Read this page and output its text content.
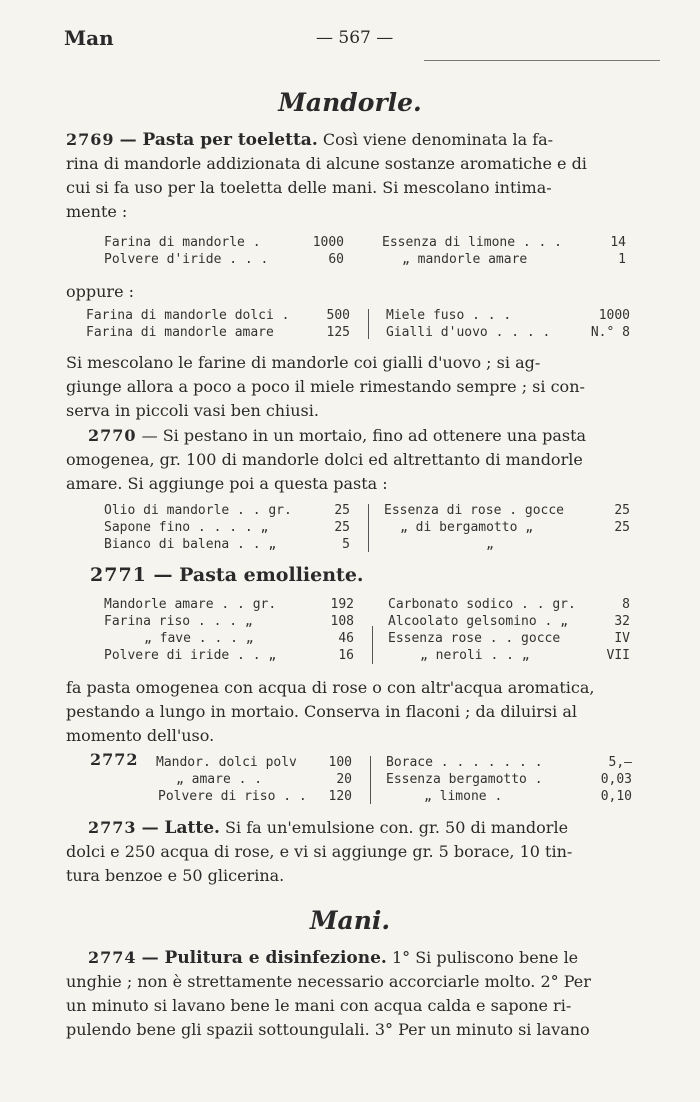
Man	— 567 —
Mandorle.
2769 — Pasta per toeletta. Così viene denominata la fa-
rina di mandorle addizionata di alcune sostanze aromatiche e di
cui si fa uso per la toeletta delle mani. Si mescolano intima-
mente :
Farina di mandorle .	1000	Essenza di limone . . .	14
Polvere d'iride . . .	60	„ mandorle amare	1
oppure :
Farina di mandorle dolci .	500	Miele fuso . . .	1000
Farina di mandorle amare	125	Gialli d'uovo . . . .	N.° 8
Si mescolano le farine di mandorle coi gialli d'uovo ; si ag-
giunge allora a poco a poco il miele rimestando sempre ; si con-
serva in piccoli vasi ben chiusi.
2770 — Si pestano in un mortaio, fino ad ottenere una pasta
omogenea, gr. 100 di mandorle dolci ed altrettanto di mandorle
amare. Si aggiunge poi a questa pasta :
Olio di mandorle . . gr.	25	Essenza di rose . gocce	25
Sapone fino . . . . „	25	„ di bergamotto „	25
Bianco di balena . . „	5	„
2771 — Pasta emolliente.
Mandorle amare . . gr.	192	Carbonato sodico . . gr.	8
Farina riso . . . „	108	Alcoolato gelsomino . „	32
„ fave . . . „	46	Essenza rose . . gocce	IV
Polvere di iride . . „	16	„ neroli . . „	VII
fa pasta omogenea con acqua di rose o con altr'acqua aromatica,
pestando a lungo in mortaio. Conserva in flaconi ; da diluirsi al
momento dell'uso.
2772 Mandor. dolci polv	100	Borace . . . . . . .	5,—
„ amare . .	20	Essenza bergamotto .	0,03
Polvere di riso . .	120	„ limone .	0,10
2773 — Latte. Si fa un'emulsione con. gr. 50 di mandorle
dolci e 250 acqua di rose, e vi si aggiunge gr. 5 borace, 10 tin-
tura benzoe e 50 glicerina.
Mani.
2774 — Pulitura e disinfezione. 1° Si puliscono bene le
unghie ; non è strettamente necessario accorciarle molto. 2° Per
un minuto si lavano bene le mani con acqua calda e sapone ri-
pulendo bene gli spazii sottoungulali. 3° Per un minuto si lavano
